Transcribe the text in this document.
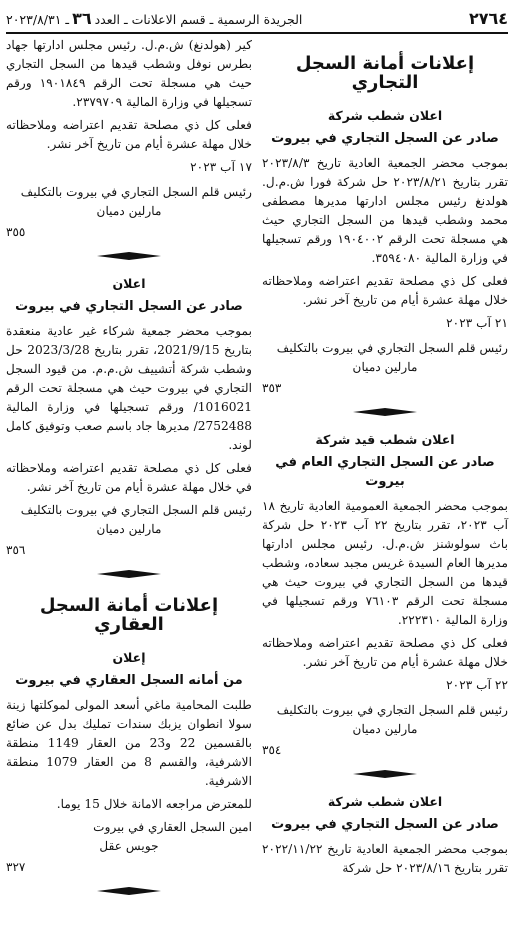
٢٧٦٤
الجريدة الرسمية ـ قسم الاعلانات ـ العدد٣٦ـ ٢٠٢٣/٨/٣١
إعلانات أمانة السجل التجاري
اعلان شطب شركة
صادر عن السجل التجاري في بيروت

بموجب محضر الجمعية العادية تاريخ ٢٠٢٣/٨/٣ تقرر بتاريخ ٢٠٢٣/٨/٢١ حل شركة فورا ش.م.ل. هولدنغ رئيس مجلس ادارتها مديرها مصطفى محمد وشطب قيدها من السجل التجاري حيث هي مسجلة تحت الرقم ١٩٠٤٠٠٢ ورقم تسجيلها في وزارة المالية ٣٥٩٤٠٨٠.

فعلى كل ذي مصلحة تقديم اعتراضه وملاحظاته خلال مهلة عشرة أيام من تاريخ آخر نشر.

٢١ آب ٢٠٢٣
رئيس قلم السجل التجاري في بيروت بالتكليف
مارلين دميان
٣٥٣
اعلان شطب قيد شركة
صادر عن السجل التجاري العام في بيروت

بموجب محضر الجمعية العمومية العادية تاريخ ١٨ آب ٢٠٢٣، تقرر بتاريخ ٢٢ آب ٢٠٢٣ حل شركة باث سولوشنز ش.م.ل. رئيس مجلس ادارتها مديرها العام السيدة غريس مجبد سعاده، وشطب قيدها من السجل التجاري في بيروت حيث هي مسجلة تحت الرقم ٧٦١٠٣ ورقم تسجيلها في وزارة المالية ٢٢٢٣١٠.

فعلى كل ذي مصلحة تقديم اعتراضه وملاحظاته خلال مهلة عشرة أيام من تاريخ آخر نشر.

٢٢ آب ٢٠٢٣
رئيس قلم السجل التجاري في بيروت بالتكليف
مارلين دميان
٣٥٤
اعلان شطب شركة
صادر عن السجل التجاري في بيروت

بموجب محضر الجمعية العادية تاريخ ٢٠٢٢/١١/٢٢ تقرر بتاريخ ٢٠٢٣/٨/١٦ حل شركة

كير (هولدنغ) ش.م.ل. رئيس مجلس ادارتها جهاد بطرس نوفل وشطب قيدها من السجل التجاري حيث هي مسجلة تحت الرقم ١٩٠١٨٤٩ ورقم تسجيلها في وزارة المالية ٢٣٧٩٧٠٩.

فعلى كل ذي مصلحة تقديم اعتراضه وملاحظاته خلال مهلة عشرة أيام من تاريخ آخر نشر.

١٧ آب ٢٠٢٣
رئيس قلم السجل التجاري في بيروت بالتكليف
مارلين دميان
٣٥٥
اعلان
صادر عن السجل التجاري في بيروت

بموجب محضر جمعية شركاء غير عادية منعقدة بتاريخ 2021/9/15، تقرر بتاريخ 2023/3/28 حل وشطب شركة أتشييف ش.م.م. من قيود السجل التجاري في بيروت حيث هي مسجلة تحت الرقم 1016021/ ورقم تسجيلها في وزارة المالية 2752488/ مديرها جاد باسم صعب وتوفيق كامل لوند.

فعلى كل ذي مصلحة تقديم اعتراضه وملاحظاته في خلال مهلة عشرة أيام من تاريخ آخر نشر.

رئيس قلم السجل التجاري في بيروت بالتكليف
مارلين دميان
٣٥٦
إعلانات أمانة السجل العقاري
إعلان
من أمانه السجل العقاري في بيروت

طلبت المحامية ماغي أسعد المولى لموكلتها زينة سولا انطوان يزبك سندات تمليك بدل عن ضائع بالقسمين 22 و23 من العقار 1149 منطقة الاشرفية، والقسم 8 من العقار 1079 منطقة الاشرفية.

للمعترض مراجعه الامانة خلال 15 يوما.

امين السجل العقاري في بيروت
جويس عقل
٣٢٧
